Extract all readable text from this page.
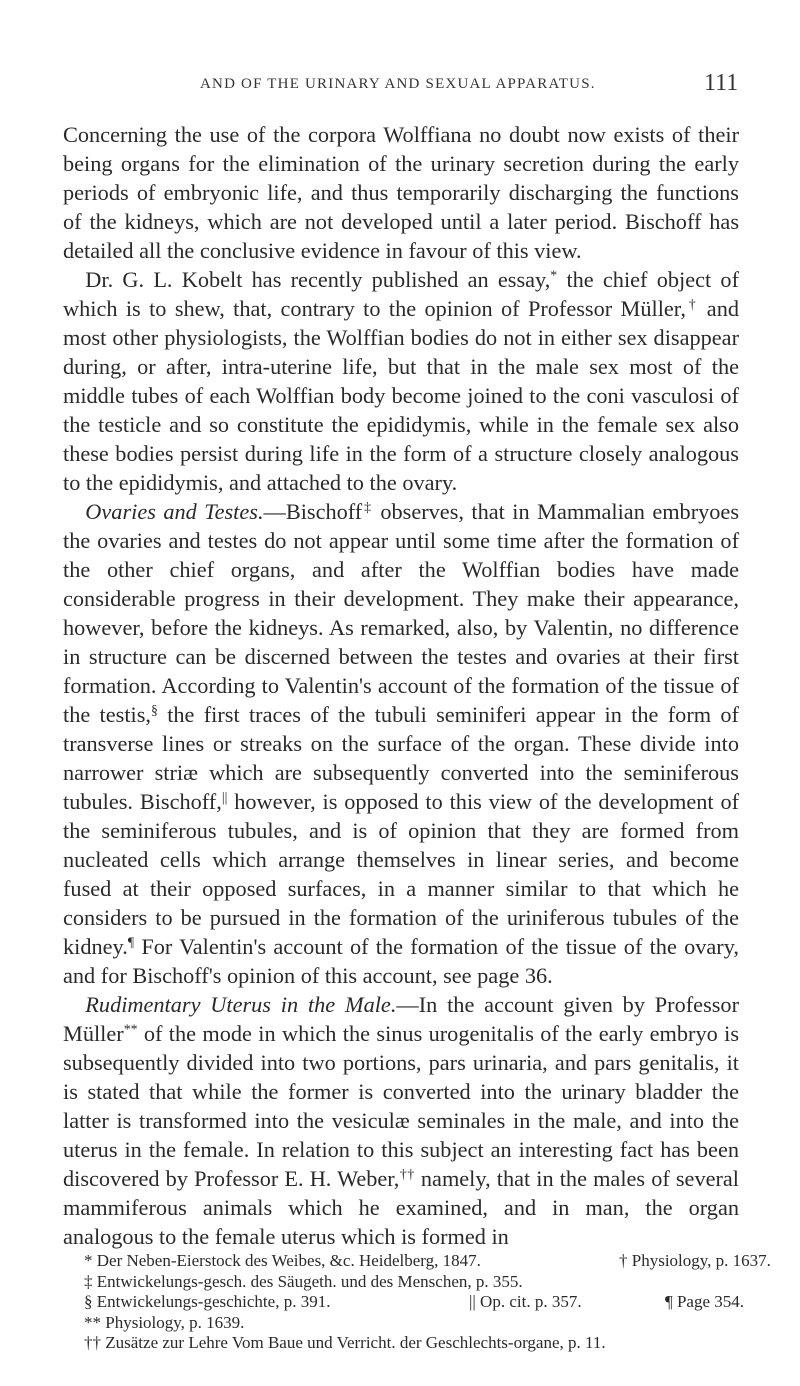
AND OF THE URINARY AND SEXUAL APPARATUS.	111

Concerning the use of the corpora Wolffiana no doubt now exists of their being organs for the elimination of the urinary secretion during the early periods of embryonic life, and thus temporarily discharging the functions of the kidneys, which are not developed until a later period. Bischoff has detailed all the conclusive evidence in favour of this view.

 Dr. G. L. Kobelt has recently published an essay,* the chief object of which is to shew, that, contrary to the opinion of Professor Müller,† and most other physiologists, the Wolffian bodies do not in either sex disappear during, or after, intra-uterine life, but that in the male sex most of the middle tubes of each Wolffian body become joined to the coni vasculosi of the testicle and so constitute the epididymis, while in the female sex also these bodies persist during life in the form of a structure closely analogous to the epididymis, and attached to the ovary.

 Ovaries and Testes.—Bischoff‡ observes, that in Mammalian embryoes the ovaries and testes do not appear until some time after the formation of the other chief organs, and after the Wolffian bodies have made considerable progress in their development. They make their appearance, however, before the kidneys. As remarked, also, by Valentin, no difference in structure can be discerned between the testes and ovaries at their first formation. According to Valentin's account of the formation of the tissue of the testis,§ the first traces of the tubuli seminiferi appear in the form of transverse lines or streaks on the surface of the organ. These divide into narrower striæ which are subsequently converted into the seminiferous tubules. Bischoff,|| however, is opposed to this view of the development of the seminiferous tubules, and is of opinion that they are formed from nucleated cells which arrange themselves in linear series, and become fused at their opposed surfaces, in a manner similar to that which he considers to be pursued in the formation of the uriniferous tubules of the kidney.¶ For Valentin's account of the formation of the tissue of the ovary, and for Bischoff's opinion of this account, see page 36.

 Rudimentary Uterus in the Male.—In the account given by Professor Müller** of the mode in which the sinus urogenitalis of the early embryo is subsequently divided into two portions, pars urinaria, and pars genitalis, it is stated that while the former is converted into the urinary bladder the latter is transformed into the vesiculæ seminales in the male, and into the uterus in the female. In relation to this subject an interesting fact has been discovered by Professor E. H. Weber,†† namely, that in the males of several mammiferous animals which he examined, and in man, the organ analogous to the female uterus which is formed in

* Der Neben-Eierstock des Weibes, &c. Heidelberg, 1847.	† Physiology, p. 1637.
‡ Entwickelungs-gesch. des Säugeth. und des Menschen, p. 355.
§ Entwickelungs-geschichte, p. 391.	|| Op. cit. p. 357.	¶ Page 354.
** Physiology, p. 1639.
†† Zusätze zur Lehre Vom Baue und Verricht. der Geschlechts-organe, p. 11.
